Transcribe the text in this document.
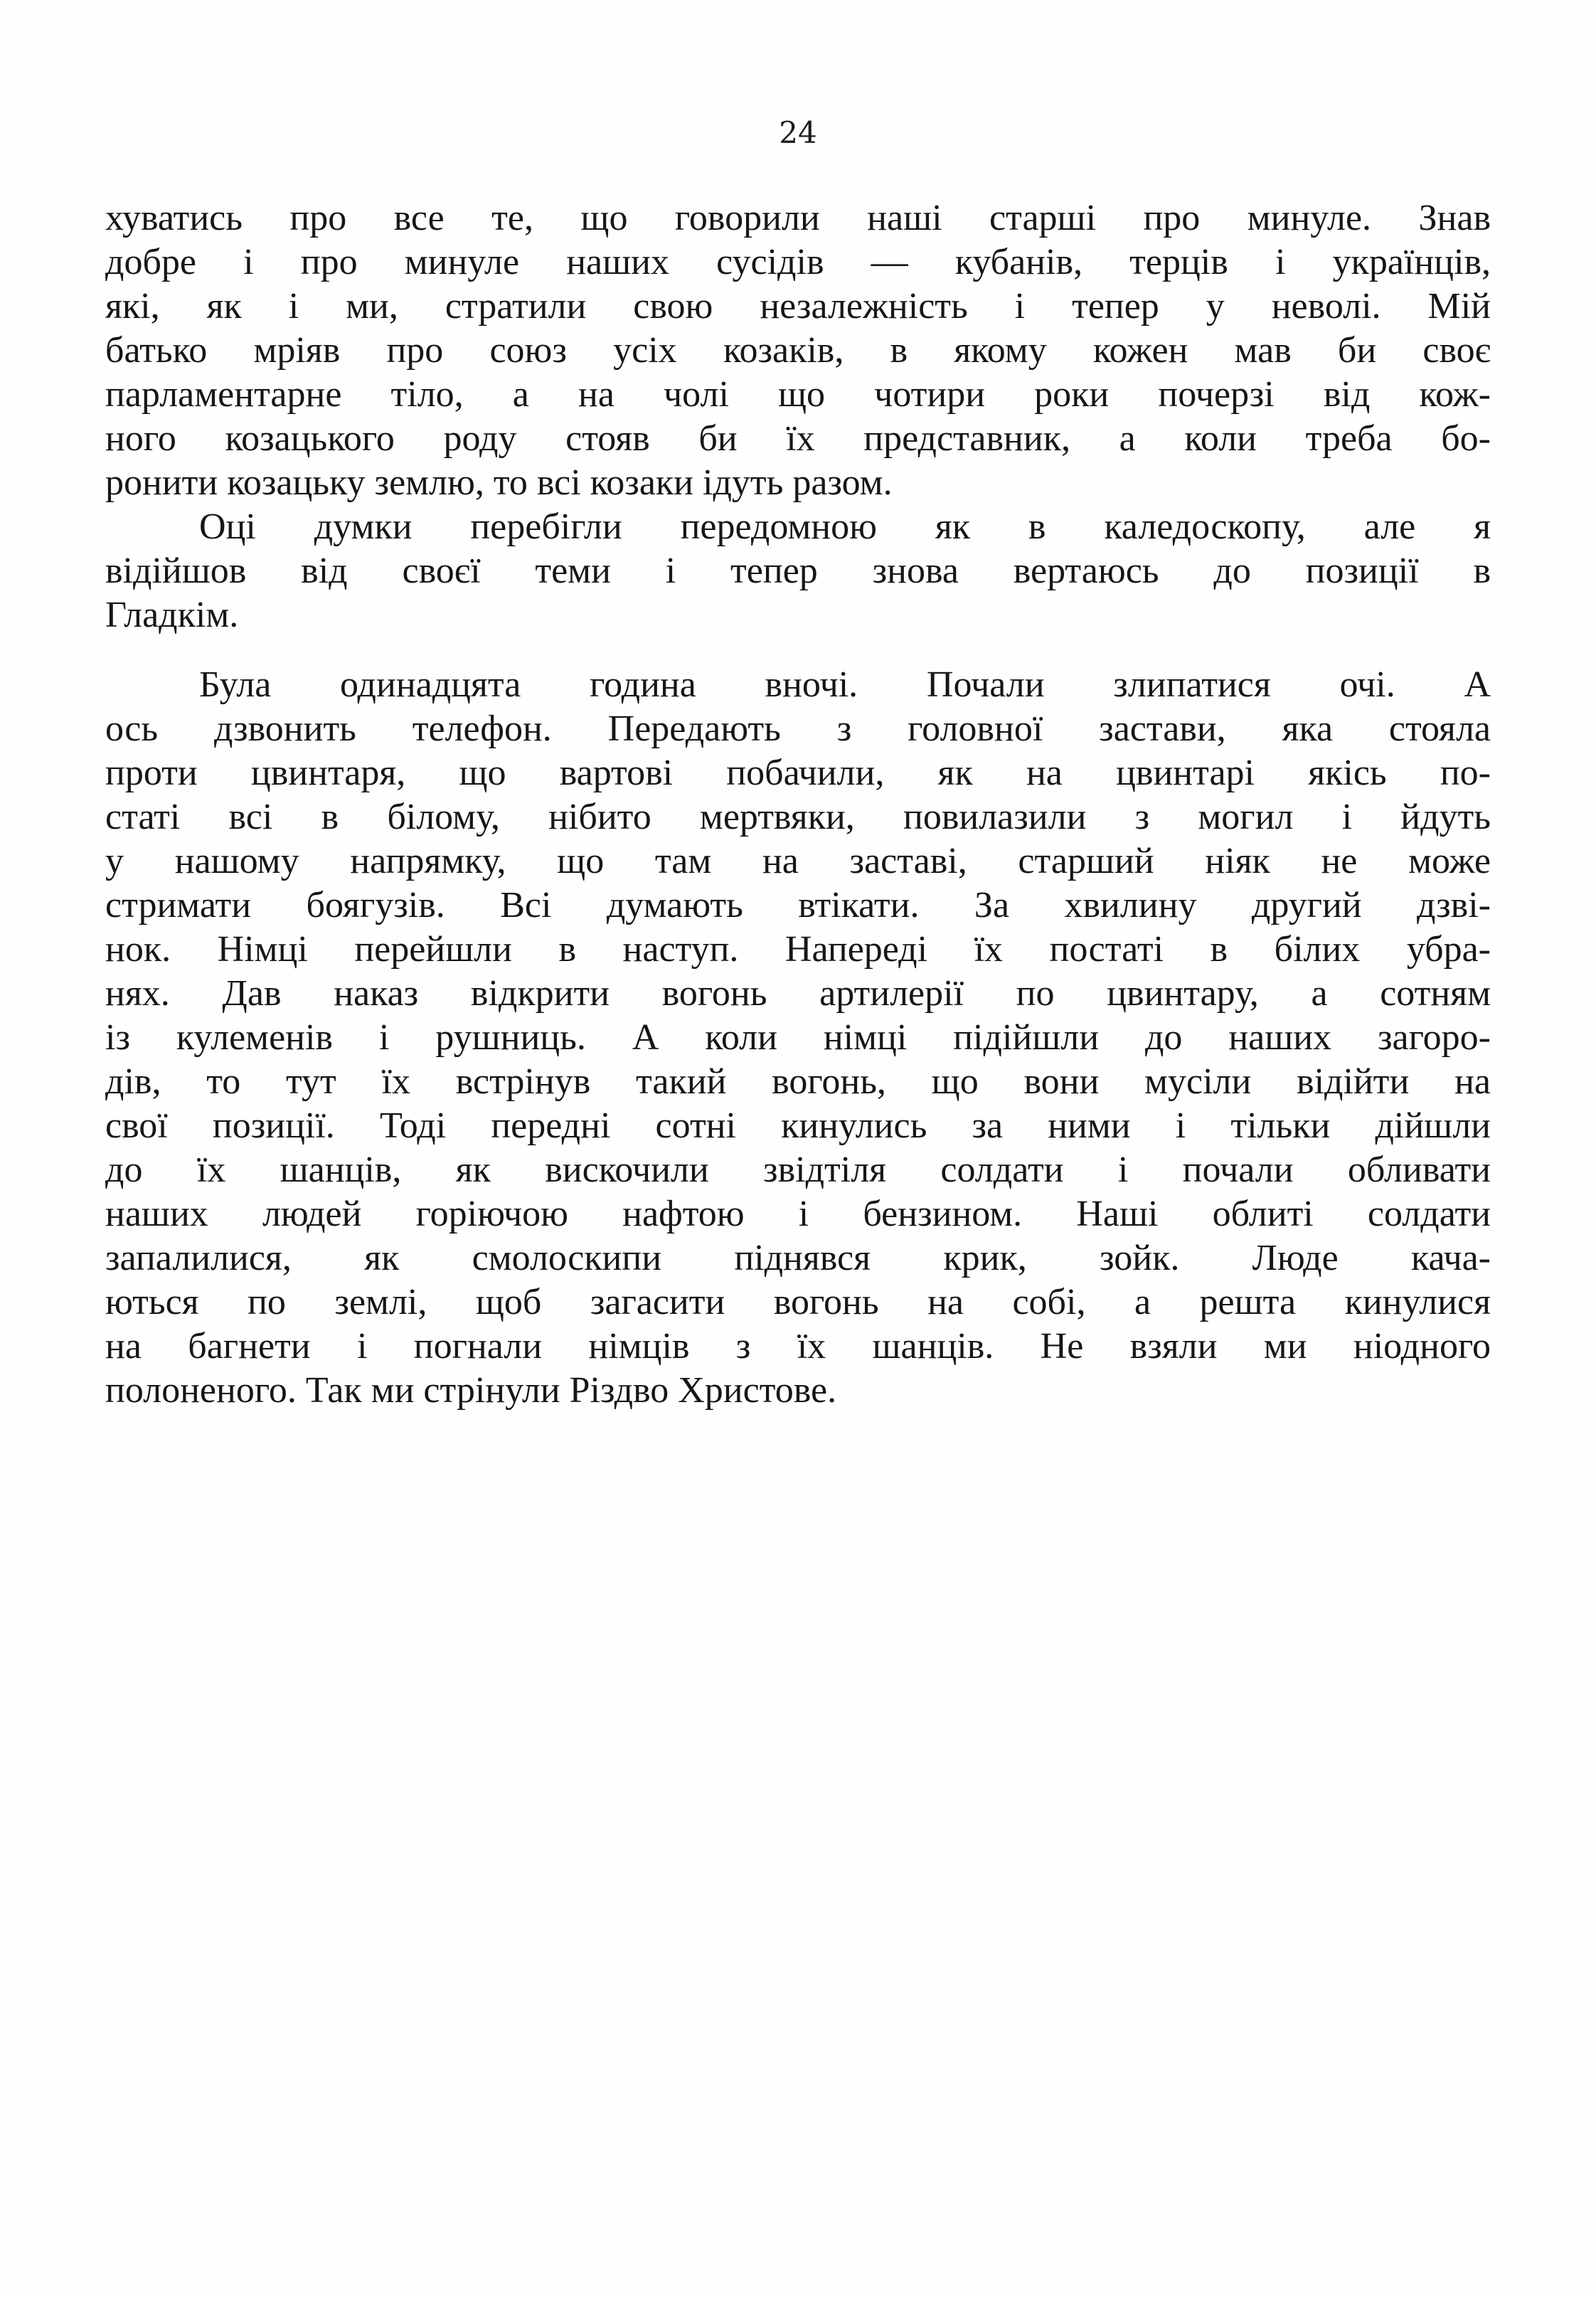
24
хуватись про все те, що говорили наші старші про минуле. Знав
добре і про минуле наших сусідів — кубанів, терців і українців,
які, як і ми, стратили свою незалежність і тепер у неволі. Мій
батько мріяв про союз усіх козаків, в якому кожен мав би своє
парламентарне тіло, а на чолі що чотири роки почерзі від кож-
ного козацького роду стояв би їх представник, а коли треба бо-
ронити козацьку землю, то всі козаки ідуть разом.
Оці думки перебігли передомною як в каледоскопу, але я
відійшов від своєї теми і тепер знова вертаюсь до позиції в
Гладкім.
Була одинадцята година вночі. Почали злипатися очі. А
ось дзвонить телефон. Передають з головної застави, яка стояла
проти цвинтаря, що вартові побачили, як на цвинтарі якісь по-
статі всі в білому, нібито мертвяки, повилазили з могил і йдуть
у нашому напрямку, що там на заставі, старший ніяк не може
стримати боягузів. Всі думають втікати. За хвилину другий дзві-
нок. Німці перейшли в наступ. Напереді їх постаті в білих убра-
нях. Дав наказ відкрити вогонь артилерії по цвинтару, а сотням
із кулеменів і рушниць. А коли німці підійшли до наших загоро-
дів, то тут їх встрінув такий вогонь, що вони мусіли відійти на
свої позиції. Тоді передні сотні кинулись за ними і тільки дійшли
до їх шанців, як вискочили звідтіля солдати і почали обливати
наших людей горіючою нафтою і бензином. Наші облиті солдати
запалилися, як смолоскипи піднявся крик, зойк. Люде кача-
ються по землі, щоб загасити вогонь на собі, а решта кинулися
на багнети і погнали німців з їх шанців. Не взяли ми ніодного
полоненого. Так ми стрінули Різдво Христове.
